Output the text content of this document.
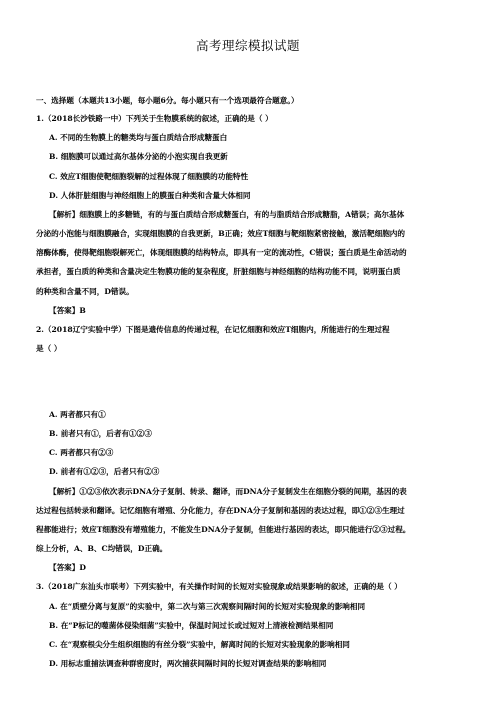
高考理综模拟试题
一、选择题（本题共13小题，每小题6分。每小题只有一个选项最符合题意。）
1.（2018长沙铁路一中）下列关于生物膜系统的叙述，正确的是（ ）
A. 不同的生物膜上的糖类均与蛋白质结合形成糖蛋白
B. 细胞膜可以通过高尔基体分泌的小泡实现自我更新
C. 效应T细胞使靶细胞裂解的过程体现了细胞膜的功能特性
D. 人体肝脏细胞与神经细胞上的膜蛋白种类和含量大体相同
【解析】细胞膜上的多糖链，有的与蛋白质结合形成糖蛋白，有的与脂质结合形成糖脂，A错误；高尔基体
分泌的小泡能与细胞膜融合，实现细胞膜的自我更新，B正确；效应T细胞与靶细胞紧密接触，激活靶细胞内的
溶酶体酶，使得靶细胞裂解死亡，体现细胞膜的结构特点，即具有一定的流动性，C错误；蛋白质是生命活动的
承担者，蛋白质的种类和含量决定生物膜功能的复杂程度，肝脏细胞与神经细胞的结构功能不同，说明蛋白质
的种类和含量不同，D错误。
【答案】B
2.（2018辽宁实验中学）下图是遗传信息的传递过程，在记忆细胞和效应T细胞内，所能进行的生理过程
是（ ）
A. 两者都只有①
B. 前者只有①，后者有①②③
C. 两者都只有②③
D. 前者有①②③，后者只有②③
【解析】①②③依次表示DNA分子复制、转录、翻译，而DNA分子复制发生在细胞分裂的间期，基因的表
达过程包括转录和翻译。记忆细胞有增殖、分化能力，存在DNA分子复制和基因的表达过程，即①②③生理过
程都能进行；效应T细胞没有增殖能力，不能发生DNA分子复制，但能进行基因的表达，即只能进行②③过程。
综上分析，A、B、C均错误，D正确。
【答案】D
3.（2018广东汕头市联考）下列实验中，有关操作时间的长短对实验现象或结果影响的叙述，正确的是（ ）
A. 在“质壁分离与复原”的实验中，第二次与第三次观察间隔时间的长短对实验现象的影响相同
B. 在“P标记的噬菌体侵染细菌”实验中，保温时间过长或过短对上清液检测结果相同
C. 在“观察根尖分生组织细胞的有丝分裂”实验中，解离时间的长短对实验现象的影响相同
D. 用标志重捕法调查种群密度时，两次捕获间隔时间的长短对调查结果的影响相同
